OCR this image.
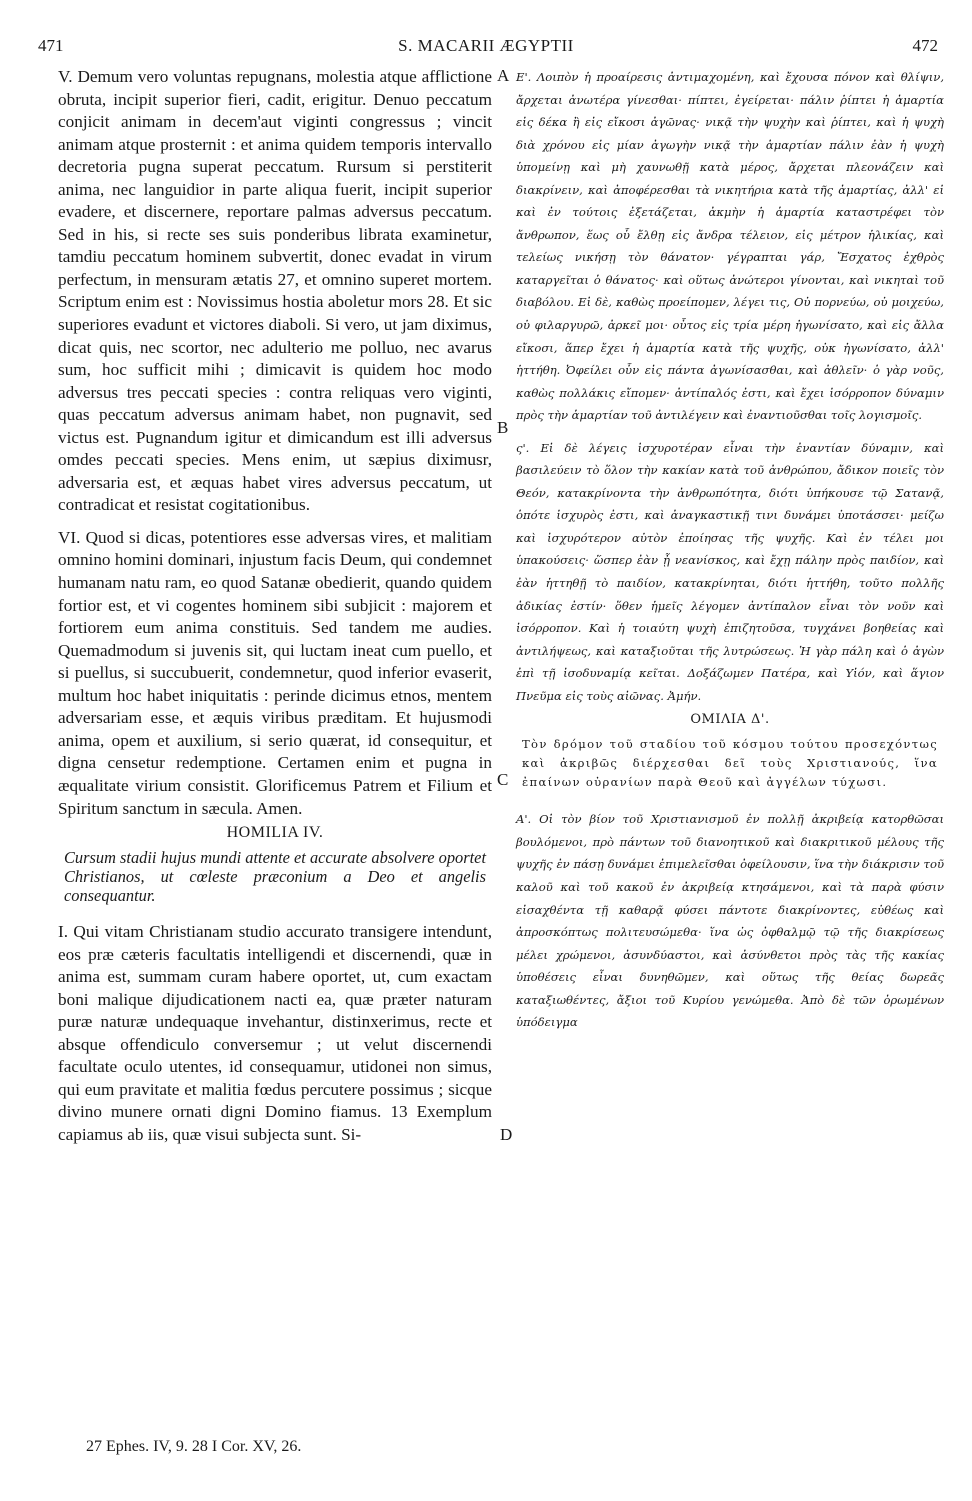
471	S. MACARII ÆGYPTII	472

V. Demum vero voluntas repugnans, molestia atque afflictione obruta, incipit superior fieri, cadit, erigitur. Denuo peccatum conjicit animam in decem'aut viginti congressus ; vincit animam atque prosternit : et anima quidem temporis intervallo decretoria pugna superat peccatum. Rursum si perstiterit anima, nec languidior in parte aliqua fuerit, incipit superior evadere, et discernere, reportare palmas adversus peccatum. Sed in his, si recte ses suis ponderibus librata examinetur, tamdiu peccatum hominem subvertit, donec evadat in virum perfectum, in mensuram ætatis 27, et omnino superet mortem. Scriptum enim est : Novissimus hostia aboletur mors 28. Et sic superiores evadunt et victores diaboli. Si vero, ut jam diximus, dicat quis, nec scortor, nec adulterio me polluo, nec avarus sum, hoc sufficit mihi ; dimicavit is quidem hoc modo adversus tres peccati species : contra reliquas vero viginti, quas peccatum adversus animam habet, non pugnavit, sed victus est. Pugnandum igitur et dimicandum est illi adversus omdes peccati species. Mens enim, ut sæpius diximusr, adversaria est, et æquas habet vires adversus peccatum, ut contradicat et resistat cogitationibus.

VI. Quod si dicas, potentiores esse adversas vires, et malitiam omnino homini dominari, injustum facis Deum, qui condemnet humanam natu ram, eo quod Satanæ obedierit, quando quidem fortior est, et vi cogentes hominem sibi subjicit : majorem et fortiorem eum anima constituis. Sed tandem me audies. Quemadmodum si juvenis sit, qui luctam ineat cum puello, et si puellus, si succubuerit, condemnetur, quod inferior evaserit, multum hoc habet iniquitatis : perinde dicimus etnos, mentem adversariam esse, et æquis viribus præditam. Et hujusmodi anima, opem et auxilium, si serio quærat, id consequitur, et digna censetur redemptione. Certamen enim et pugna in æqualitate virium consistit. Glorificemus Patrem et Filium et Spiritum sanctum in sæcula. Amen.

HOMILIA IV.

Cursum stadii hujus mundi attente et accurate absolvere oportet Christianos, ut cœleste præconium a Deo et angelis consequantur.

I. Qui vitam Christianam studio accurato transigere intendunt, eos præ cæteris facultatis intelligendi et discernendi, quæ in anima est, summam curam habere oportet, ut, cum exactam boni malique dijudicationem nacti ea, quæ præter naturam puræ naturæ undequaque invehantur, distinxerimus, recte et absque offendiculo conversemur ; ut velut discernendi facultate oculo utentes, id consequamur, utidonei non simus, qui eum pravitate et malitia fœdus percutere possimus ; sicque divino munere ornati digni Domino fiamus. 13 Exemplum capiamus ab iis, quæ visui subjecta sunt. Si-

Ε'. Λοιπὸν ἡ προαίρεσις ἀντιμαχομένη, καὶ ἔχουσα πόνον καὶ θλίψιν, ἄρχεται ἀνωτέρα γίνεσθαι· πίπτει, ἐγείρεται· πάλιν ῥίπτει ἡ ἁμαρτία εἰς δέκα ἢ εἰς εἴκοσι ἀγῶνας· νικᾷ τὴν ψυχὴν καὶ ῥίπτει, καὶ ἡ ψυχὴ διὰ χρόνου εἰς μίαν ἀγωγὴν νικᾷ τὴν ἁμαρτίαν πάλιν ἐὰν ἡ ψυχὴ ὑπομείνῃ καὶ μὴ χαυνωθῇ κατὰ μέρος, ἄρχεται πλεονάζειν καὶ διακρίνειν, καὶ ἀποφέρεσθαι τὰ νικητήρια κατὰ τῆς ἁμαρτίας, ἀλλ' εἰ καὶ ἐν τούτοις ἐξετάζεται, ἀκμὴν ἡ ἁμαρτία καταστρέφει τὸν ἄνθρωπον, ἕως οὗ ἔλθῃ εἰς ἄνδρα τέλειον, εἰς μέτρον ἡλικίας, καὶ τελείως νικήσῃ τὸν θάνατον· γέγραπται γάρ, Ἔσχατος ἐχθρὸς καταργεῖται ὁ θάνατος· καὶ οὕτως ἀνώτεροι γίνονται, καὶ νικηταὶ τοῦ διαβόλου. Εἰ δὲ, καθὼς προείπομεν, λέγει τις, Οὐ πορνεύω, οὐ μοιχεύω, οὐ φιλαργυρῶ, ἀρκεῖ μοι· οὗτος εἰς τρία μέρη ἠγωνίσατο, καὶ εἰς ἄλλα εἴκοσι, ἅπερ ἔχει ἡ ἁμαρτία κατὰ τῆς ψυχῆς, οὐκ ἠγωνίσατο, ἀλλ' ἡττήθη. Ὀφείλει οὖν εἰς πάντα ἀγωνίσασθαι, καὶ ἀθλεῖν· ὁ γὰρ νοῦς, καθὼς πολλάκις εἴπομεν· ἀντίπαλός ἐστι, καὶ ἔχει ἰσόρροπον δύναμιν πρὸς τὴν ἁμαρτίαν τοῦ ἀντιλέγειν καὶ ἐναντιοῦσθαι τοῖς λογισμοῖς.

ς'. Εἰ δὲ λέγεις ἰσχυροτέραν εἶναι τὴν ἐναντίαν δύναμιν, καὶ βασιλεύειν τὸ ὅλον τὴν κακίαν κατὰ τοῦ ἀνθρώπου, ἄδικον ποιεῖς τὸν Θεόν, κατακρίνοντα τὴν ἀνθρωπότητα, διότι ὑπήκουσε τῷ Σατανᾷ, ὁπότε ἰσχυρὸς ἐστι, καὶ ἀναγκαστικῇ τινι δυνάμει ὑποτάσσει· μείζω καὶ ἰσχυρότερον αὐτὸν ἐποίησας τῆς ψυχῆς. Καὶ ἐν τέλει μοι ὑπακούσεις· ὥσπερ ἐὰν ᾖ νεανίσκος, καὶ ἔχῃ πάλην πρὸς παιδίον, καὶ ἐὰν ἡττηθῇ τὸ παιδίον, κατακρίνηται, διότι ἡττήθη, τοῦτο πολλῆς ἀδικίας ἐστίν· ὅθεν ἡμεῖς λέγομεν ἀντίπαλον εἶναι τὸν νοῦν καὶ ἰσόρροπον. Καὶ ἡ τοιαύτη ψυχὴ ἐπιζητοῦσα, τυγχάνει βοηθείας καὶ ἀντιλήψεως, καὶ καταξιοῦται τῆς λυτρώσεως. Ἡ γὰρ πάλη καὶ ὁ ἀγὼν ἐπὶ τῇ ἰσοδυναμίᾳ κεῖται. Δοξάζωμεν Πατέρα, καὶ Υἱόν, καὶ ἅγιον Πνεῦμα εἰς τοὺς αἰῶνας. Ἀμήν.

ΟΜΙΛΙΑ Δ'.

Τὸν δρόμον τοῦ σταδίου τοῦ κόσμου τούτου προσεχόντως καὶ ἀκριβῶς διέρχεσθαι δεῖ τοὺς Χριστιανούς, ἵνα ἐπαίνων οὐρανίων παρὰ Θεοῦ καὶ ἀγγέλων τύχωσι.

Α'. Οἱ τὸν βίον τοῦ Χριστιανισμοῦ ἐν πολλῇ ἀκριβείᾳ κατορθῶσαι βουλόμενοι, πρὸ πάντων τοῦ διανοητικοῦ καὶ διακριτικοῦ μέλους τῆς ψυχῆς ἐν πάσῃ δυνάμει ἐπιμελεῖσθαι ὀφείλουσιν, ἵνα τὴν διάκρισιν τοῦ καλοῦ καὶ τοῦ κακοῦ ἐν ἀκριβείᾳ κτησάμενοι, καὶ τὰ παρὰ φύσιν εἰσαχθέντα τῇ καθαρᾷ φύσει πάντοτε διακρίνοντες, εὐθέως καὶ ἀπροσκόπτως πολιτευσώμεθα· ἵνα ὡς ὀφθαλμῷ τῷ τῆς διακρίσεως μέλει χρώμενοι, ἀσυνδύαστοι, καὶ ἀσύνθετοι πρὸς τὰς τῆς κακίας ὑποθέσεις εἶναι δυνηθῶμεν, καὶ οὕτως τῆς θείας δωρεᾶς καταξιωθέντες, ἄξιοι τοῦ Κυρίου γενώμεθα. Ἀπὸ δὲ τῶν ὁρωμένων ὑπόδειγμα

A
B
C
D
27 Ephes. IV, 9. 28 I Cor. XV, 26.
